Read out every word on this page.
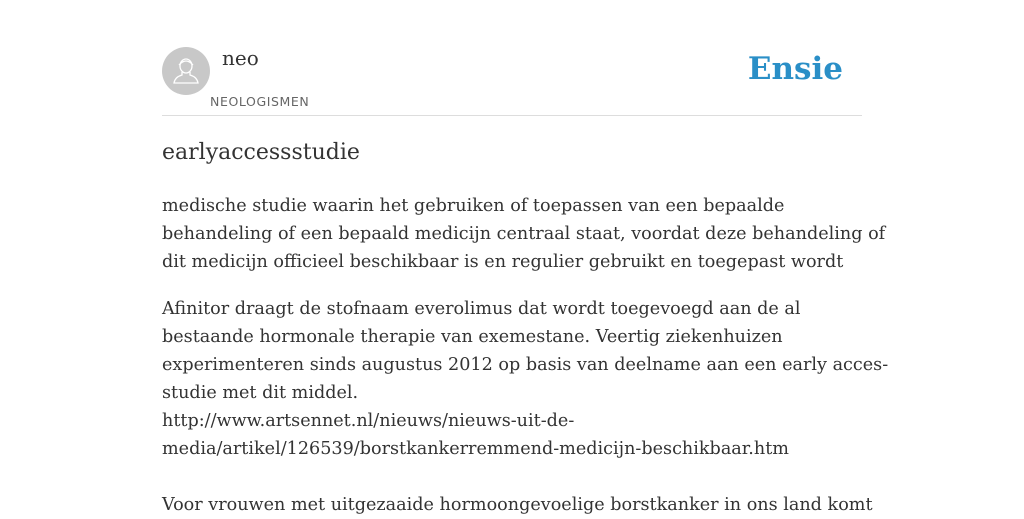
neo
NEOLOGISMEN
Ensie
earlyaccessstudie

medische studie waarin het gebruiken of toepassen van een bepaalde
behandeling of een bepaald medicijn centraal staat, voordat deze behandeling of
dit medicijn officieel beschikbaar is en regulier gebruikt en toegepast wordt

Afinitor draagt de stofnaam everolimus dat wordt toegevoegd aan de al
bestaande hormonale therapie van exemestane. Veertig ziekenhuizen
experimenteren sinds augustus 2012 op basis van deelname aan een early acces-
studie met dit middel.
http://www.artsennet.nl/nieuws/nieuws-uit-de-
media/artikel/126539/borstkankerremmend-medicijn-beschikbaar.htm
Voor vrouwen met uitgezaaide hormoongevoelige borstkanker in ons land komt
